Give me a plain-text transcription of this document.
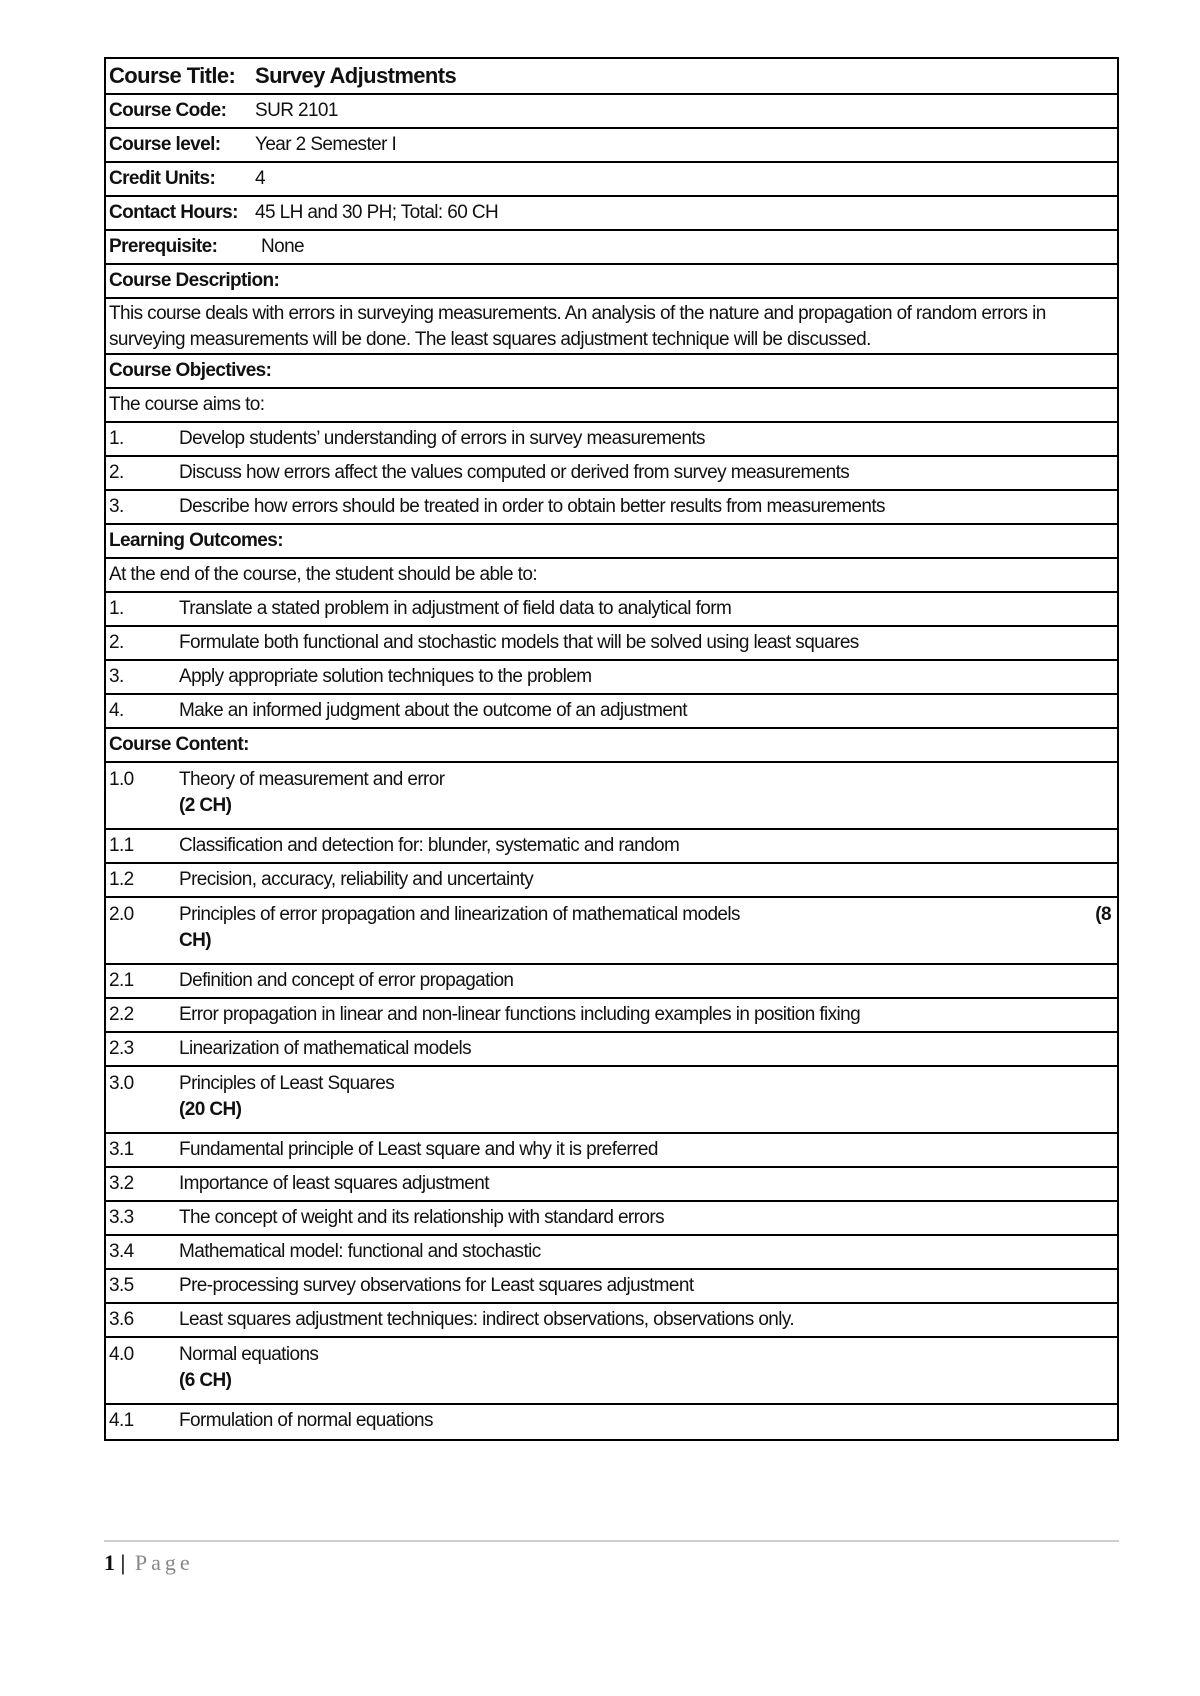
Course Title: Survey Adjustments
Course Code:	SUR 2101
Course level:	Year 2 Semester I
Credit Units:	4
Contact Hours: 45 LH and 30 PH; Total: 60 CH
Prerequisite:	None
Course Description:
This course deals with errors in surveying measurements. An analysis of the nature and propagation of random errors in surveying measurements will be done. The least squares adjustment technique will be discussed.
Course Objectives:
The course aims to:
1.	Develop students’ understanding of errors in survey measurements
2.	Discuss how errors affect the values computed or derived from survey measurements
3.	Describe how errors should be treated in order to obtain better results from measurements
Learning Outcomes:
At the end of the course, the student should be able to:
1.	Translate a stated problem in adjustment of field data to analytical form
2.	Formulate both functional and stochastic models that will be solved using least squares
3.	Apply appropriate solution techniques to the problem
4.	Make an informed judgment about the outcome of an adjustment
Course Content:
1.0	Theory of measurement and error
(2 CH)
1.1	Classification and detection for: blunder, systematic and random
1.2	Precision, accuracy, reliability and uncertainty
2.0	Principles of error propagation and linearization of mathematical models	(8
CH)
2.1	Definition and concept of error propagation
2.2	Error propagation in linear and non-linear functions including examples in position fixing
2.3	Linearization of mathematical models
3.0	Principles of Least Squares
(20 CH)
3.1	Fundamental principle of Least square and why it is preferred
3.2	Importance of least squares adjustment
3.3	The concept of weight and its relationship with standard errors
3.4	Mathematical model: functional and stochastic
3.5	Pre-processing survey observations for Least squares adjustment
3.6	Least squares adjustment techniques: indirect observations, observations only.
4.0	Normal equations
(6 CH)
4.1	Formulation of normal equations
1 | Page
